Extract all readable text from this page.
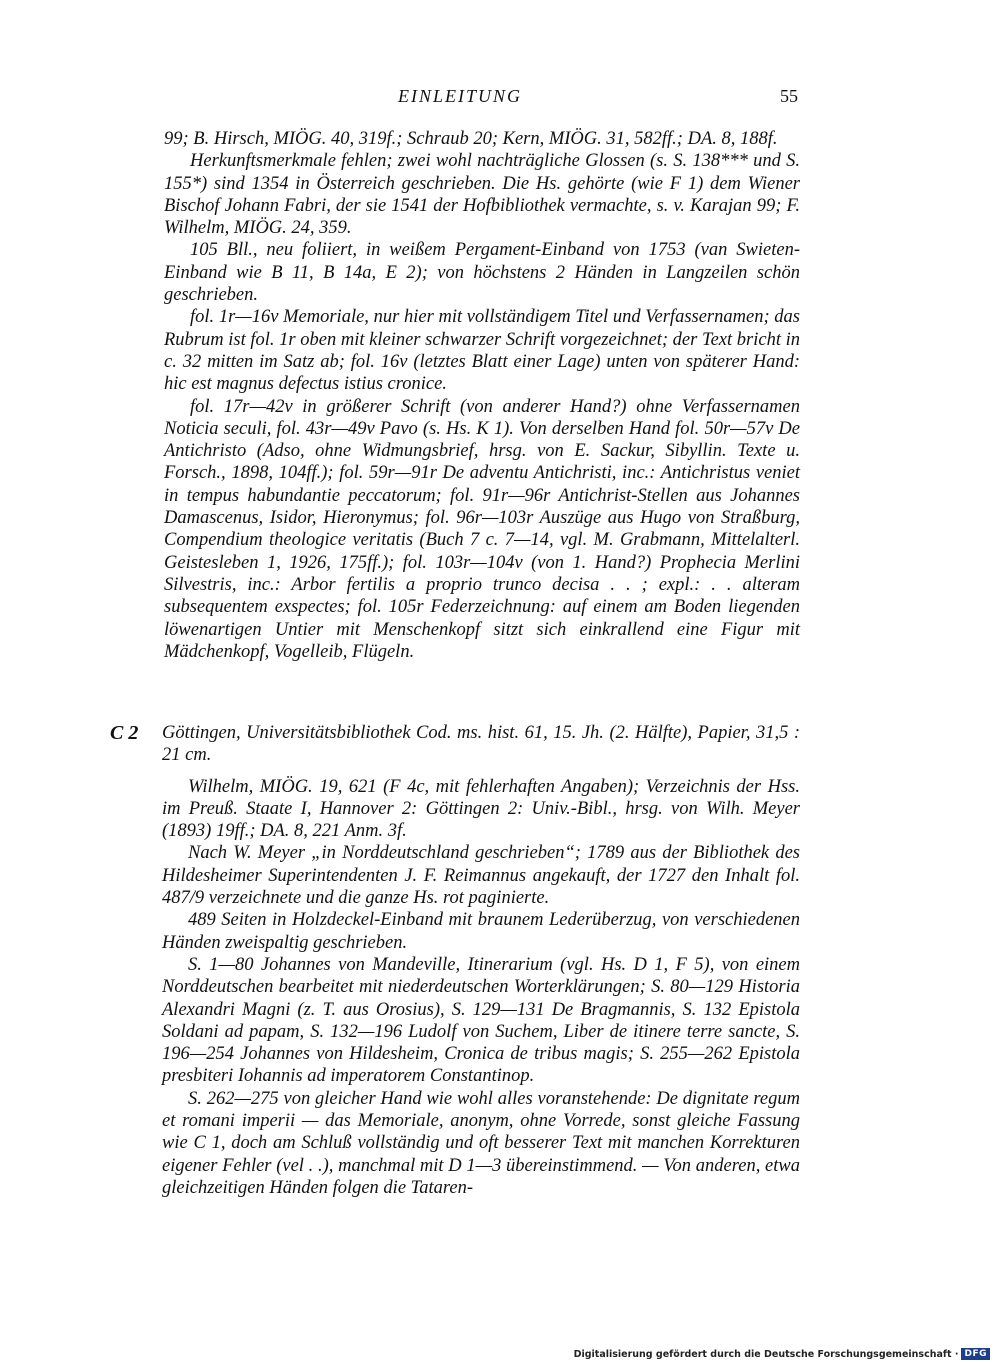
EINLEITUNG	55

99; B. Hirsch, MIÖG. 40, 319f.; Schraub 20; Kern, MIÖG. 31, 582ff.; DA. 8, 188f.

Herkunftsmerkmale fehlen; zwei wohl nachträgliche Glossen (s. S. 138*** und S. 155*) sind 1354 in Österreich geschrieben. Die Hs. gehörte (wie F 1) dem Wiener Bischof Johann Fabri, der sie 1541 der Hofbibliothek vermachte, s. v. Karajan 99; F. Wilhelm, MIÖG. 24, 359.

105 Bll., neu foliiert, in weißem Pergament-Einband von 1753 (van Swieten-Einband wie B 11, B 14a, E 2); von höchstens 2 Händen in Langzeilen schön geschrieben.

fol. 1r—16v Memoriale, nur hier mit vollständigem Titel und Verfassernamen; das Rubrum ist fol. 1r oben mit kleiner schwarzer Schrift vorgezeichnet; der Text bricht in c. 32 mitten im Satz ab; fol. 16v (letztes Blatt einer Lage) unten von späterer Hand: hic est magnus defectus istius cronice.

fol. 17r—42v in größerer Schrift (von anderer Hand?) ohne Verfassernamen Noticia seculi, fol. 43r—49v Pavo (s. Hs. K 1). Von derselben Hand fol. 50r—57v De Antichristo (Adso, ohne Widmungsbrief, hrsg. von E. Sackur, Sibyllin. Texte u. Forsch., 1898, 104ff.); fol. 59r—91r De adventu Antichristi, inc.: Antichristus veniet in tempus habundantie peccatorum; fol. 91r—96r Antichrist-Stellen aus Johannes Damascenus, Isidor, Hieronymus; fol. 96r—103r Auszüge aus Hugo von Straßburg, Compendium theologice veritatis (Buch 7 c. 7—14, vgl. M. Grabmann, Mittelalterl. Geistesleben 1, 1926, 175ff.); fol. 103r—104v (von 1. Hand?) Prophecia Merlini Silvestris, inc.: Arbor fertilis a proprio trunco decisa . . ; expl.: . . alteram subsequentem exspectes; fol. 105r Federzeichnung: auf einem am Boden liegenden löwenartigen Untier mit Menschenkopf sitzt sich einkrallend eine Figur mit Mädchenkopf, Vogelleib, Flügeln.

C 2 Göttingen, Universitätsbibliothek Cod. ms. hist. 61, 15. Jh. (2. Hälfte), Papier, 31,5 : 21 cm.

Wilhelm, MIÖG. 19, 621 (F 4c, mit fehlerhaften Angaben); Verzeichnis der Hss. im Preuß. Staate I, Hannover 2: Göttingen 2: Univ.-Bibl., hrsg. von Wilh. Meyer (1893) 19ff.; DA. 8, 221 Anm. 3f.

Nach W. Meyer „in Norddeutschland geschrieben“; 1789 aus der Bibliothek des Hildesheimer Superintendenten J. F. Reimannus angekauft, der 1727 den Inhalt fol. 487/9 verzeichnete und die ganze Hs. rot paginierte.

489 Seiten in Holzdeckel-Einband mit braunem Lederüberzug, von verschiedenen Händen zweispaltig geschrieben.

S. 1—80 Johannes von Mandeville, Itinerarium (vgl. Hs. D 1, F 5), von einem Norddeutschen bearbeitet mit niederdeutschen Worterklärungen; S. 80—129 Historia Alexandri Magni (z. T. aus Orosius), S. 129—131 De Bragmannis, S. 132 Epistola Soldani ad papam, S. 132—196 Ludolf von Suchem, Liber de itinere terre sancte, S. 196—254 Johannes von Hildesheim, Cronica de tribus magis; S. 255—262 Epistola presbiteri Iohannis ad imperatorem Constantinop.

S. 262—275 von gleicher Hand wie wohl alles voranstehende: De dignitate regum et romani imperii — das Memoriale, anonym, ohne Vorrede, sonst gleiche Fassung wie C 1, doch am Schluß vollständig und oft besserer Text mit manchen Korrekturen eigener Fehler (vel . .), manchmal mit D 1—3 übereinstimmend. — Von anderen, etwa gleichzeitigen Händen folgen die Tataren-

Digitalisierung gefördert durch die Deutsche Forschungsgemeinschaft · DFG
